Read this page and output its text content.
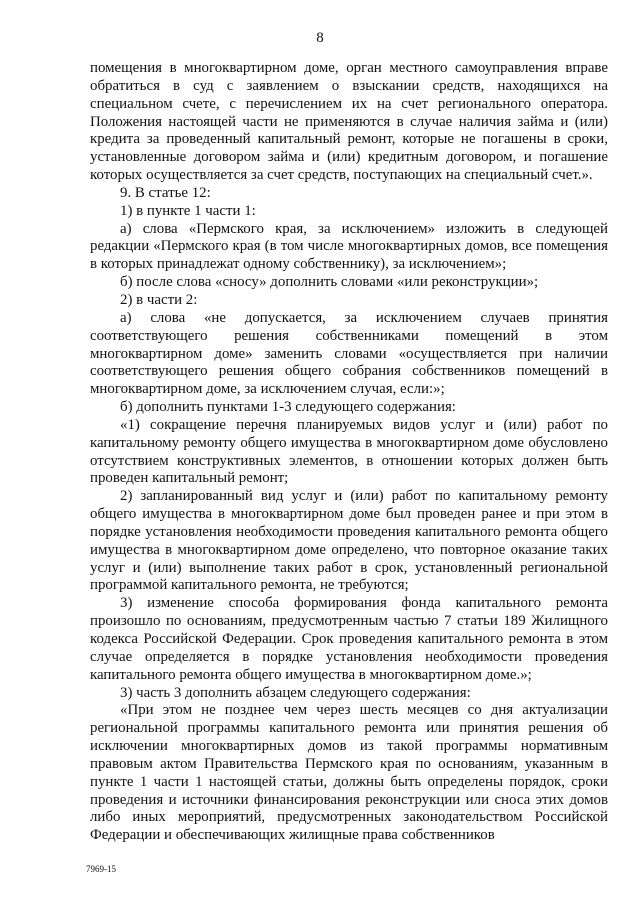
8

помещения в многоквартирном доме, орган местного самоуправления вправе обратиться в суд с заявлением о взыскании средств, находящихся на специальном счете, с перечислением их на счет регионального оператора. Положения настоящей части не применяются в случае наличия займа и (или) кредита за проведенный капитальный ремонт, которые не погашены в сроки, установленные договором займа и (или) кредитным договором, и погашение которых осуществляется за счет средств, поступающих на специальный счет.».

9. В статье 12:

1) в пункте 1 части 1:

а) слова «Пермского края, за исключением» изложить в следующей редакции «Пермского края (в том числе многоквартирных домов, все помещения в которых принадлежат одному собственнику), за исключением»;

б) после слова «сносу» дополнить словами «или реконструкции»;

2) в части 2:

а) слова «не допускается, за исключением случаев принятия соответствующего решения собственниками помещений в этом многоквартирном доме» заменить словами «осуществляется при наличии соответствующего решения общего собрания собственников помещений в многоквартирном доме, за исключением случая, если:»;

б) дополнить пунктами 1-3 следующего содержания:

«1) сокращение перечня планируемых видов услуг и (или) работ по капитальному ремонту общего имущества в многоквартирном доме обусловлено отсутствием конструктивных элементов, в отношении которых должен быть проведен капитальный ремонт;

2) запланированный вид услуг и (или) работ по капитальному ремонту общего имущества в многоквартирном доме был проведен ранее и при этом в порядке установления необходимости проведения капитального ремонта общего имущества в многоквартирном доме определено, что повторное оказание таких услуг и (или) выполнение таких работ в срок, установленный региональной программой капитального ремонта, не требуются;

3) изменение способа формирования фонда капитального ремонта произошло по основаниям, предусмотренным частью 7 статьи 189 Жилищного кодекса Российской Федерации. Срок проведения капитального ремонта в этом случае определяется в порядке установления необходимости проведения капитального ремонта общего имущества в многоквартирном доме.»;

3) часть 3 дополнить абзацем следующего содержания:

«При этом не позднее чем через шесть месяцев со дня актуализации региональной программы капитального ремонта или принятия решения об исключении многоквартирных домов из такой программы нормативным правовым актом Правительства Пермского края по основаниям, указанным в пункте 1 части 1 настоящей статьи, должны быть определены порядок, сроки проведения и источники финансирования реконструкции или сноса этих домов либо иных мероприятий, предусмотренных законодательством Российской Федерации и обеспечивающих жилищные права собственников

7969-15
